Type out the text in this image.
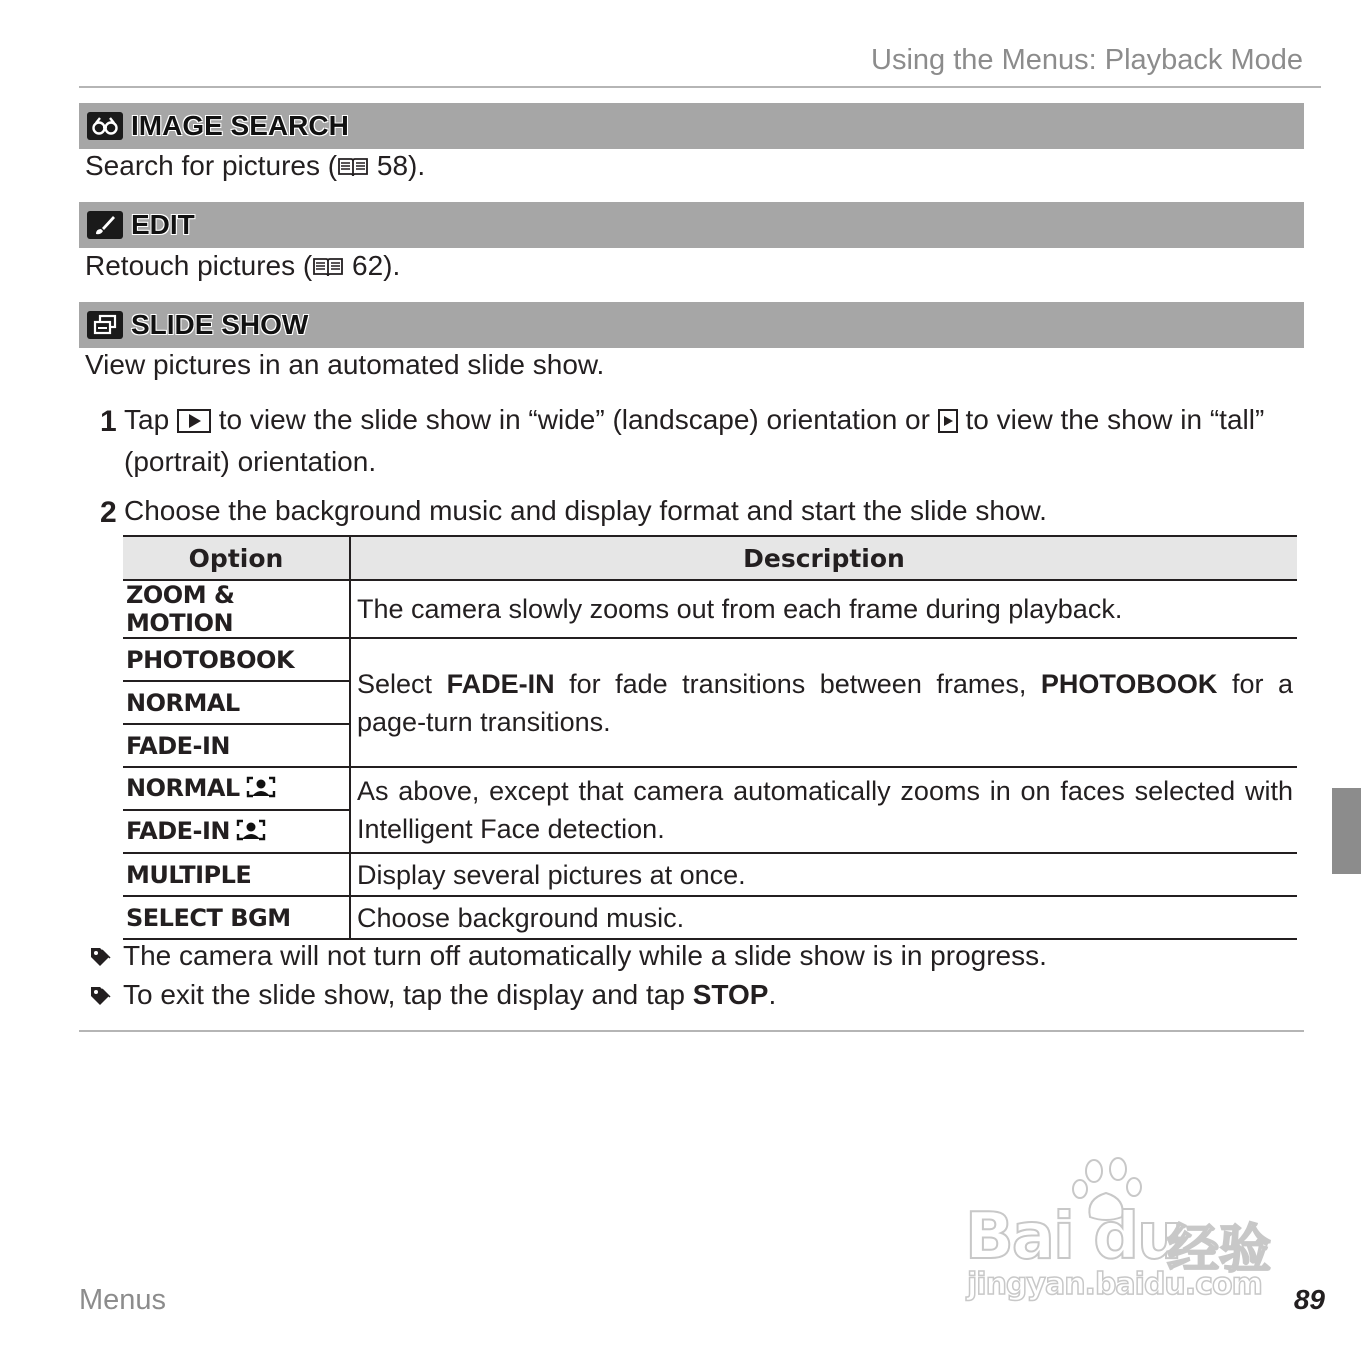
Using the Menus: Playback Mode
IMAGE SEARCH
Search for pictures ( 58).
EDIT
Retouch pictures ( 62).
SLIDE SHOW
View pictures in an automated slide show.
1 Tap  to view the slide show in “wide” (landscape) orientation or  to view the show in “tall” (portrait) orientation.
2 Choose the background music and display format and start the slide show.
Option	Description
ZOOM & MOTION	The camera slowly zooms out from each frame during playback.
PHOTOBOOK	Select FADE-IN for fade transitions between frames, PHOTOBOOK for a page-turn transitions.
NORMAL	
FADE-IN	
NORMAL	As above, except that camera automatically zooms in on faces selected with Intelligent Face detection.
FADE-IN	
MULTIPLE	Display several pictures at once.
SELECT BGM	Choose background music.
The camera will not turn off automatically while a slide show is in progress.
To exit the slide show, tap the display and tap STOP.
Bai du
经验
jingyan.baidu.com
Menus	89
